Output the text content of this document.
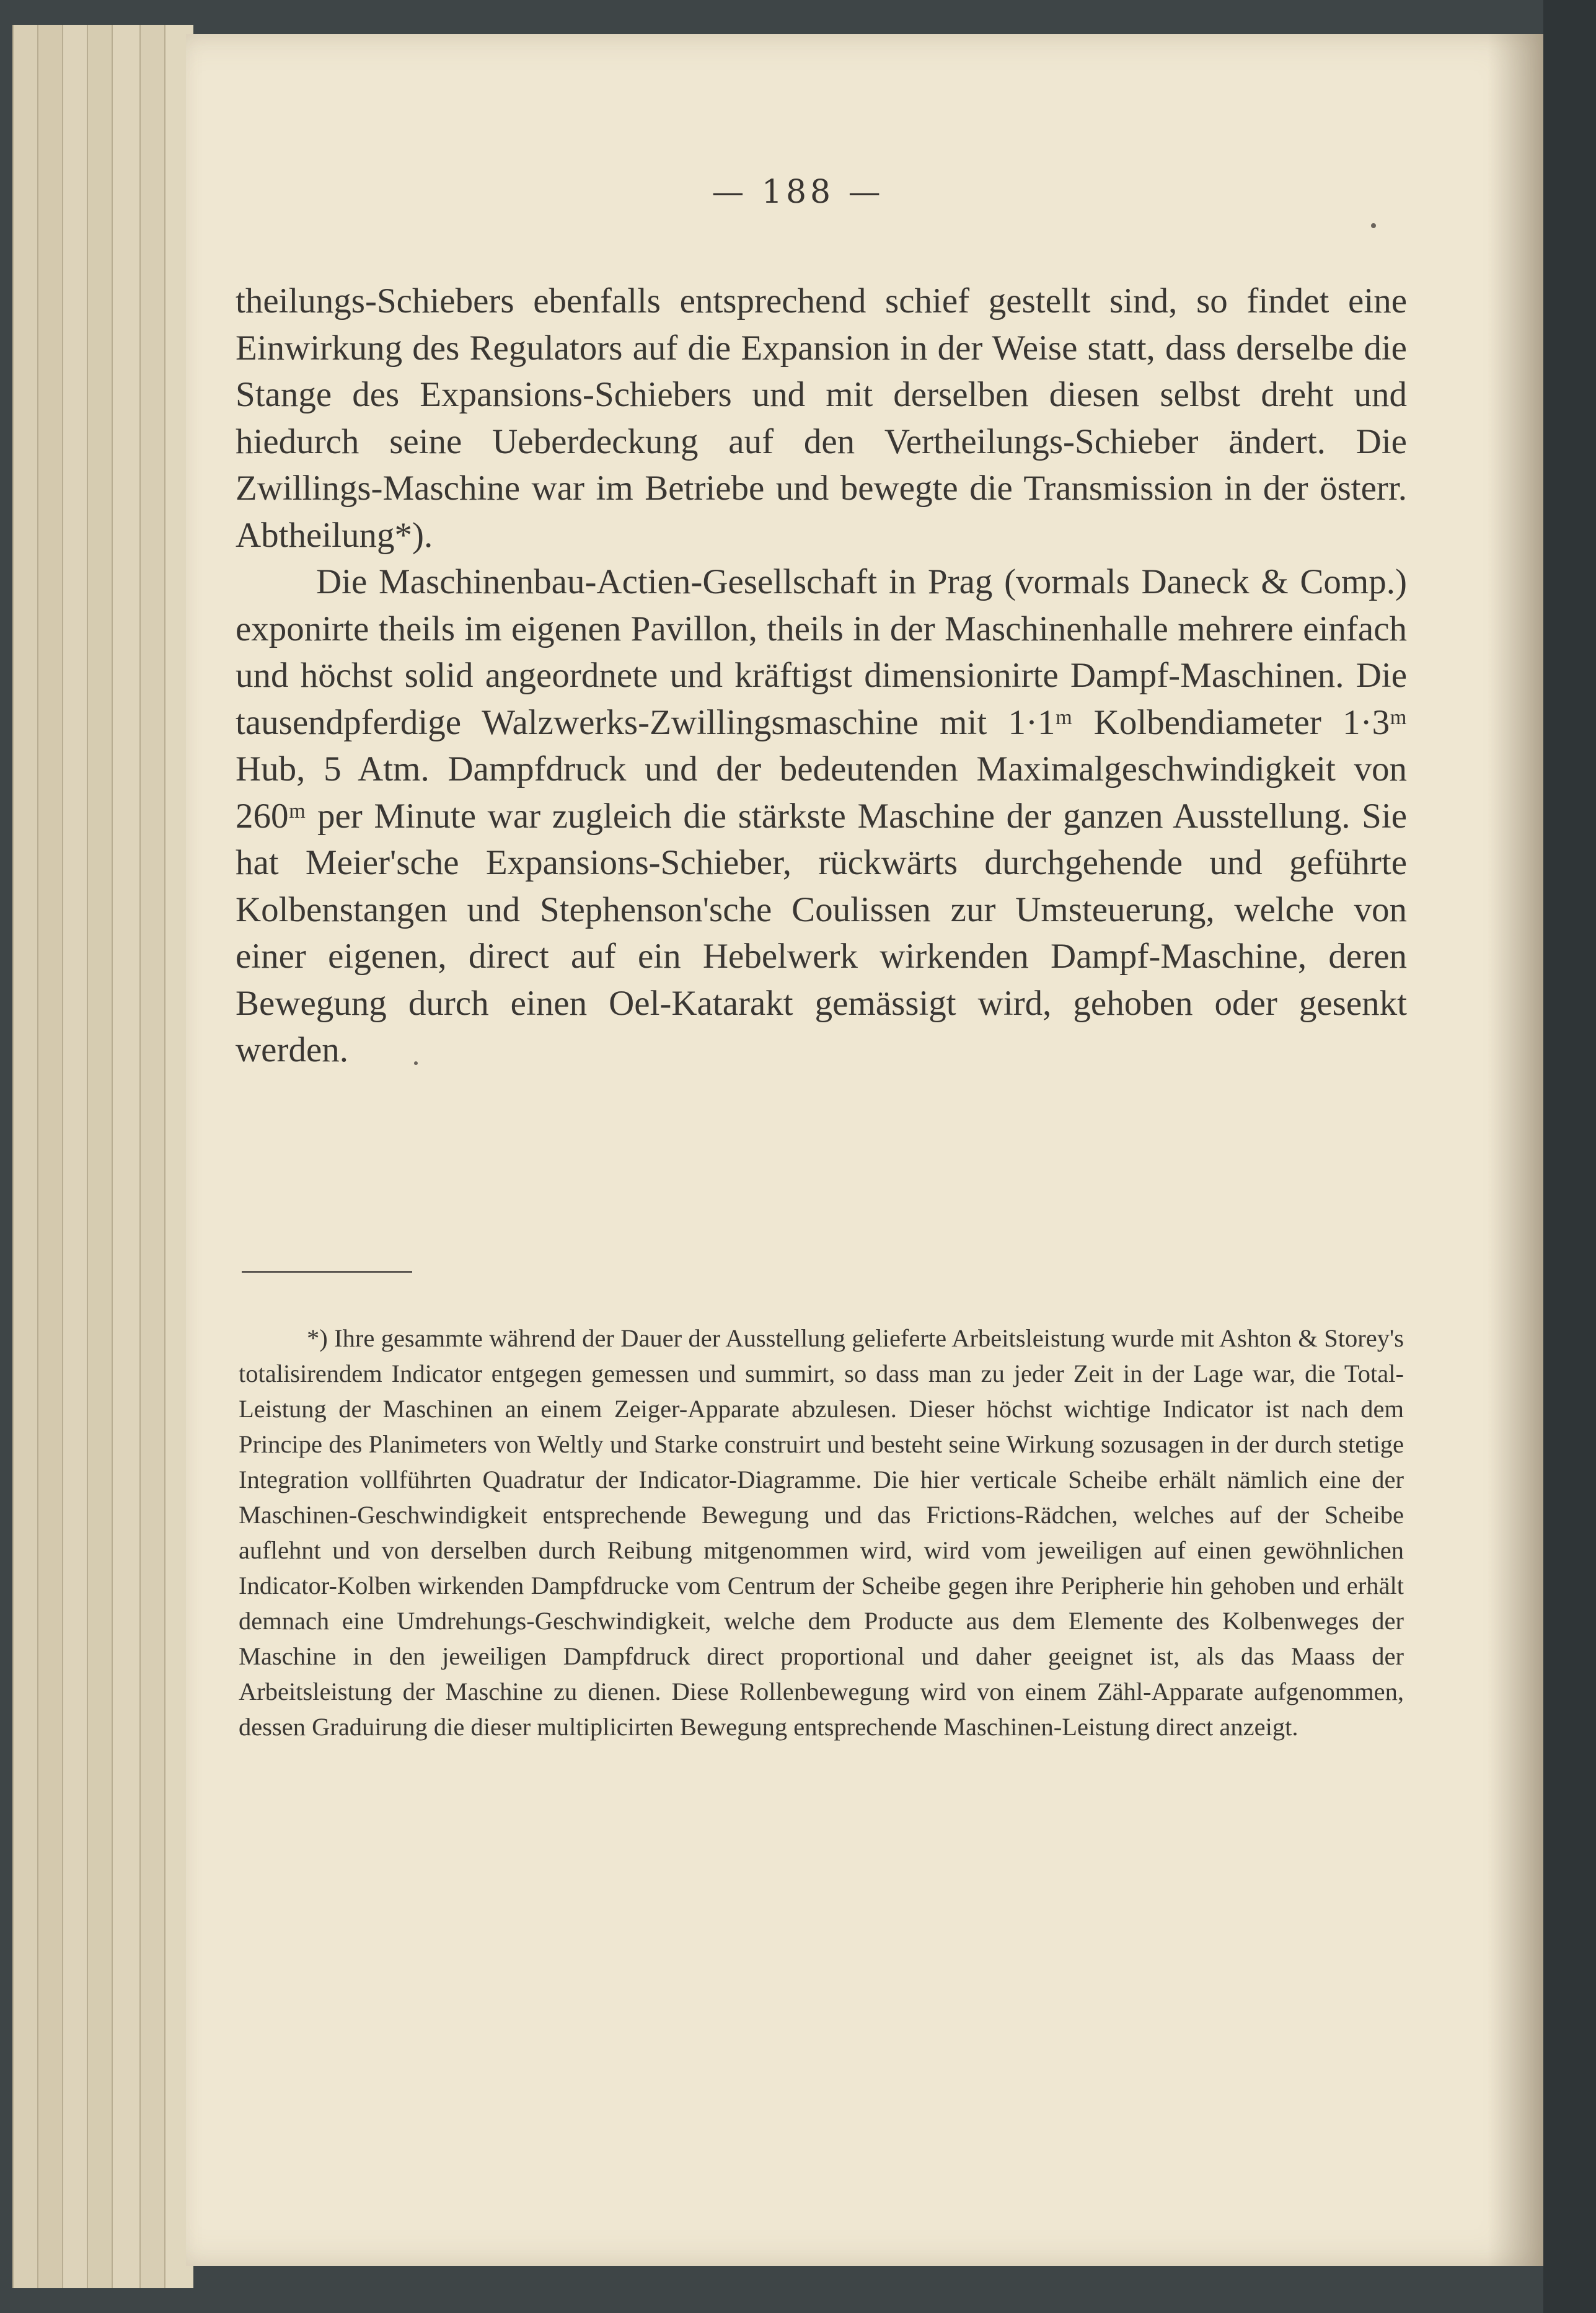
— 188 —

theilungs-Schiebers ebenfalls entsprechend schief gestellt sind, so findet eine Einwirkung des Regulators auf die Expansion in der Weise statt, dass derselbe die Stange des Expansions-Schiebers und mit derselben diesen selbst dreht und hiedurch seine Ueberdeckung auf den Vertheilungs-Schieber ändert. Die Zwillings-Maschine war im Betriebe und bewegte die Transmission in der österr. Abtheilung*).

Die Maschinenbau-Actien-Gesellschaft in Prag (vormals Daneck & Comp.) exponirte theils im eigenen Pavillon, theils in der Maschinenhalle mehrere einfach und höchst solid angeordnete und kräftigst dimensionirte Dampf-Maschinen. Die tausendpferdige Walzwerks-Zwillingsmaschine mit 1·1ᵐ Kolbendiameter 1·3ᵐ Hub, 5 Atm. Dampfdruck und der bedeutenden Maximalgeschwindigkeit von 260ᵐ per Minute war zugleich die stärkste Maschine der ganzen Ausstellung. Sie hat Meier'sche Expansions-Schieber, rückwärts durchgehende und geführte Kolbenstangen und Stephenson'sche Coulissen zur Umsteuerung, welche von einer eigenen, direct auf ein Hebelwerk wirkenden Dampf-Maschine, deren Bewegung durch einen Oel-Katarakt gemässigt wird, gehoben oder gesenkt werden.

*) Ihre gesammte während der Dauer der Ausstellung gelieferte Arbeitsleistung wurde mit Ashton & Storey's totalisirendem Indicator entgegen gemessen und summirt, so dass man zu jeder Zeit in der Lage war, die Total-Leistung der Maschinen an einem Zeiger-Apparate abzulesen. Dieser höchst wichtige Indicator ist nach dem Principe des Planimeters von Weltly und Starke construirt und besteht seine Wirkung sozusagen in der durch stetige Integration vollführten Quadratur der Indicator-Diagramme. Die hier verticale Scheibe erhält nämlich eine der Maschinen-Geschwindigkeit entsprechende Bewegung und das Frictions-Rädchen, welches auf der Scheibe auflehnt und von derselben durch Reibung mitgenommen wird, wird vom jeweiligen auf einen gewöhnlichen Indicator-Kolben wirkenden Dampfdrucke vom Centrum der Scheibe gegen ihre Peripherie hin gehoben und erhält demnach eine Umdrehungs-Geschwindigkeit, welche dem Producte aus dem Elemente des Kolbenweges der Maschine in den jeweiligen Dampfdruck direct proportional und daher geeignet ist, als das Maass der Arbeitsleistung der Maschine zu dienen. Diese Rollenbewegung wird von einem Zähl-Apparate aufgenommen, dessen Graduirung die dieser multiplicirten Bewegung entsprechende Maschinen-Leistung direct anzeigt.
